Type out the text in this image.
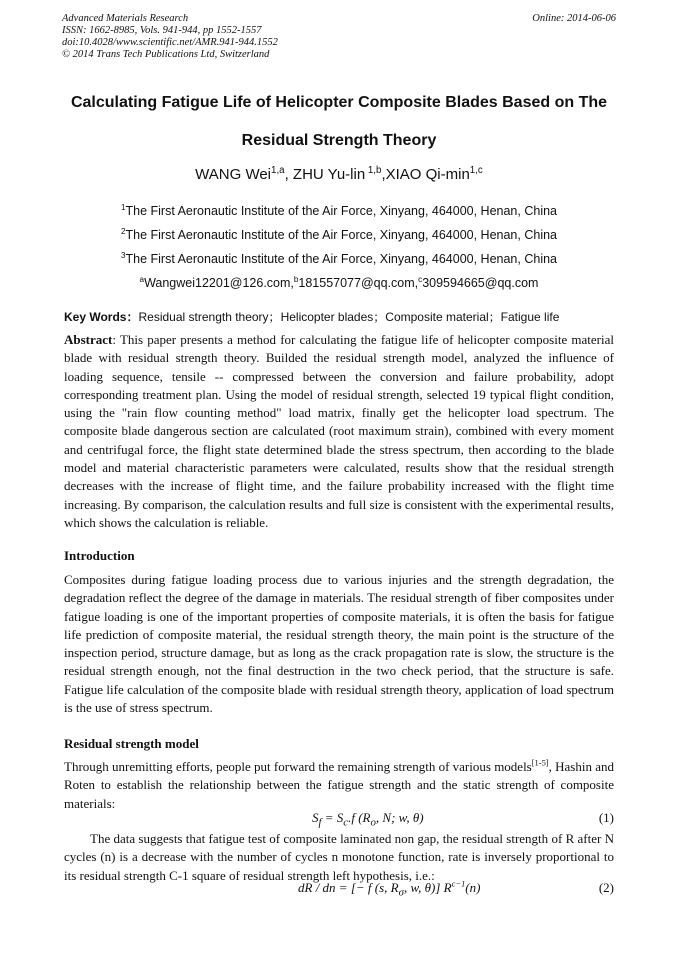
Advanced Materials Research
ISSN: 1662-8985, Vols. 941-944, pp 1552-1557
doi:10.4028/www.scientific.net/AMR.941-944.1552
© 2014 Trans Tech Publications Ltd, Switzerland
Online: 2014-06-06
Calculating Fatigue Life of Helicopter Composite Blades Based on The Residual Strength Theory
WANG Wei$^{1,a}$, ZHU Yu-lin $^{1,b}$,XIAO $Qi-\min^{1,c}$
$^1$The First Aeronautic Institute of the Air Force, Xinyang, 464000, Henan, China
$^2$The First Aeronautic Institute of the Air Force, Xinyang, 464000, Henan, China
$^3$The First Aeronautic Institute of the Air Force, Xinyang, 464000, Henan, China
$^a$Wangwei12201@126.com,$^b$181557077@qq.com,$^c$309594665@qq.com
Key Words：Residual strength theory；Helicopter blades；Composite material；Fatigue life
Abstract: This paper presents a method for calculating the fatigue life of helicopter composite material blade with residual strength theory. Builded the residual strength model, analyzed the influence of loading sequence, tensile -- compressed between the conversion and failure probability, adopt corresponding treatment plan. Using the model of residual strength, selected 19 typical flight condition, using the "rain flow counting method" load matrix, finally get the helicopter load spectrum. The composite blade dangerous section are calculated (root maximum strain), combined with every moment and centrifugal force, the flight state determined blade the stress spectrum, then according to the blade model and material characteristic parameters were calculated, results show that the residual strength decreases with the increase of flight time, and the failure probability increased with the flight time increasing. By comparison, the calculation results and full size is consistent with the experimental results, which shows the calculation is reliable.
Introduction
Composites during fatigue loading process due to various injuries and the strength degradation, the degradation reflect the degree of the damage in materials. The residual strength of fiber composites under fatigue loading is one of the important properties of composite materials, it is often the basis for fatigue life prediction of composite material, the residual strength theory, the main point is the structure of the inspection period, structure damage, but as long as the crack propagation rate is slow, the structure is the residual strength enough, not the final destruction in the two check period, that the structure is safe. Fatigue life calculation of the composite blade with residual strength theory, application of load spectrum is the use of stress spectrum.
Residual strength model
Through unremitting efforts, people put forward the remaining strength of various models[1-5], Hashin and Roten to establish the relationship between the fatigue strength and the static strength of composite materials:
$S_f = S_c.f$ ($R_o$, N; w, θ)	(1)
The data suggests that fatigue test of composite laminated non gap, the residual strength of R after N cycles (n) is a decrease with the number of cycles n monotone function, rate is inversely proportional to its residual strength C-1 square of residual strength left hypothesis, i.e.:
dR / dn = [− f (s, $R_\sigma$, w, θ)] $R^{c-1}(n)$	(2)
